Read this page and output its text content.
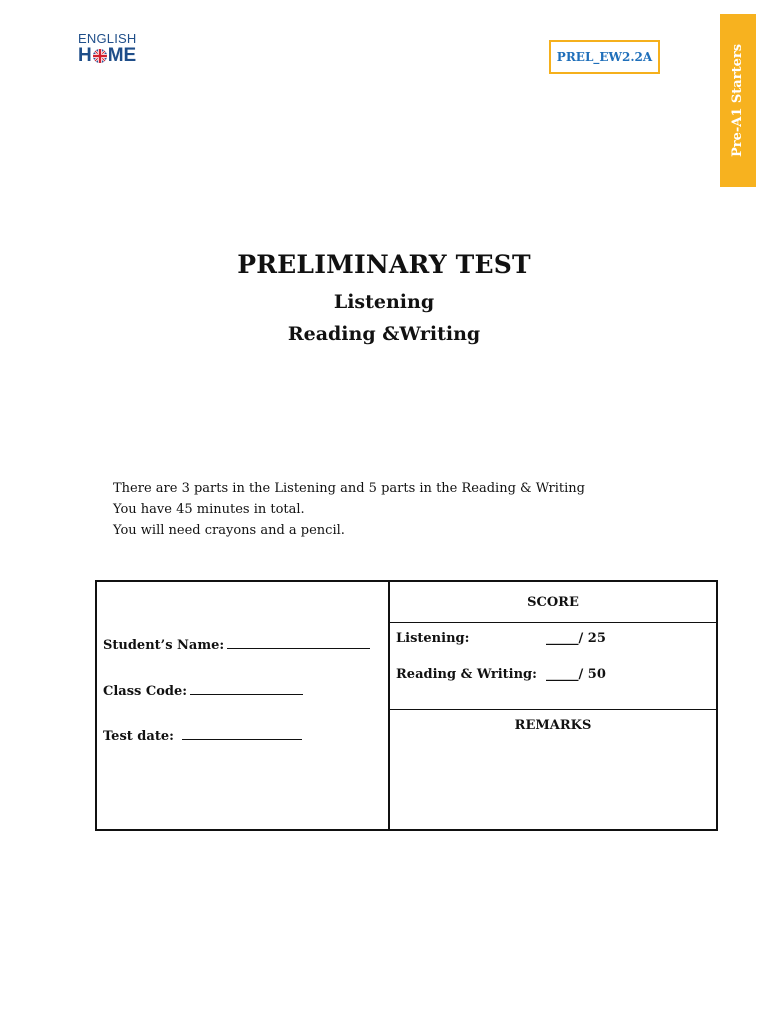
ENGLISH
H ME	PREL_EW2.2A	Pre-A1 Starters
PRELIMINARY TEST
Listening
Reading &Writing
There are 3 parts in the Listening and 5 parts in the Reading & Writing
You have 45 minutes in total.
You will need crayons and a pencil.
Student’s Name:
Class Code:
Test date:
SCORE
Listening:	_____/ 25
Reading & Writing: _____/ 50
REMARKS
